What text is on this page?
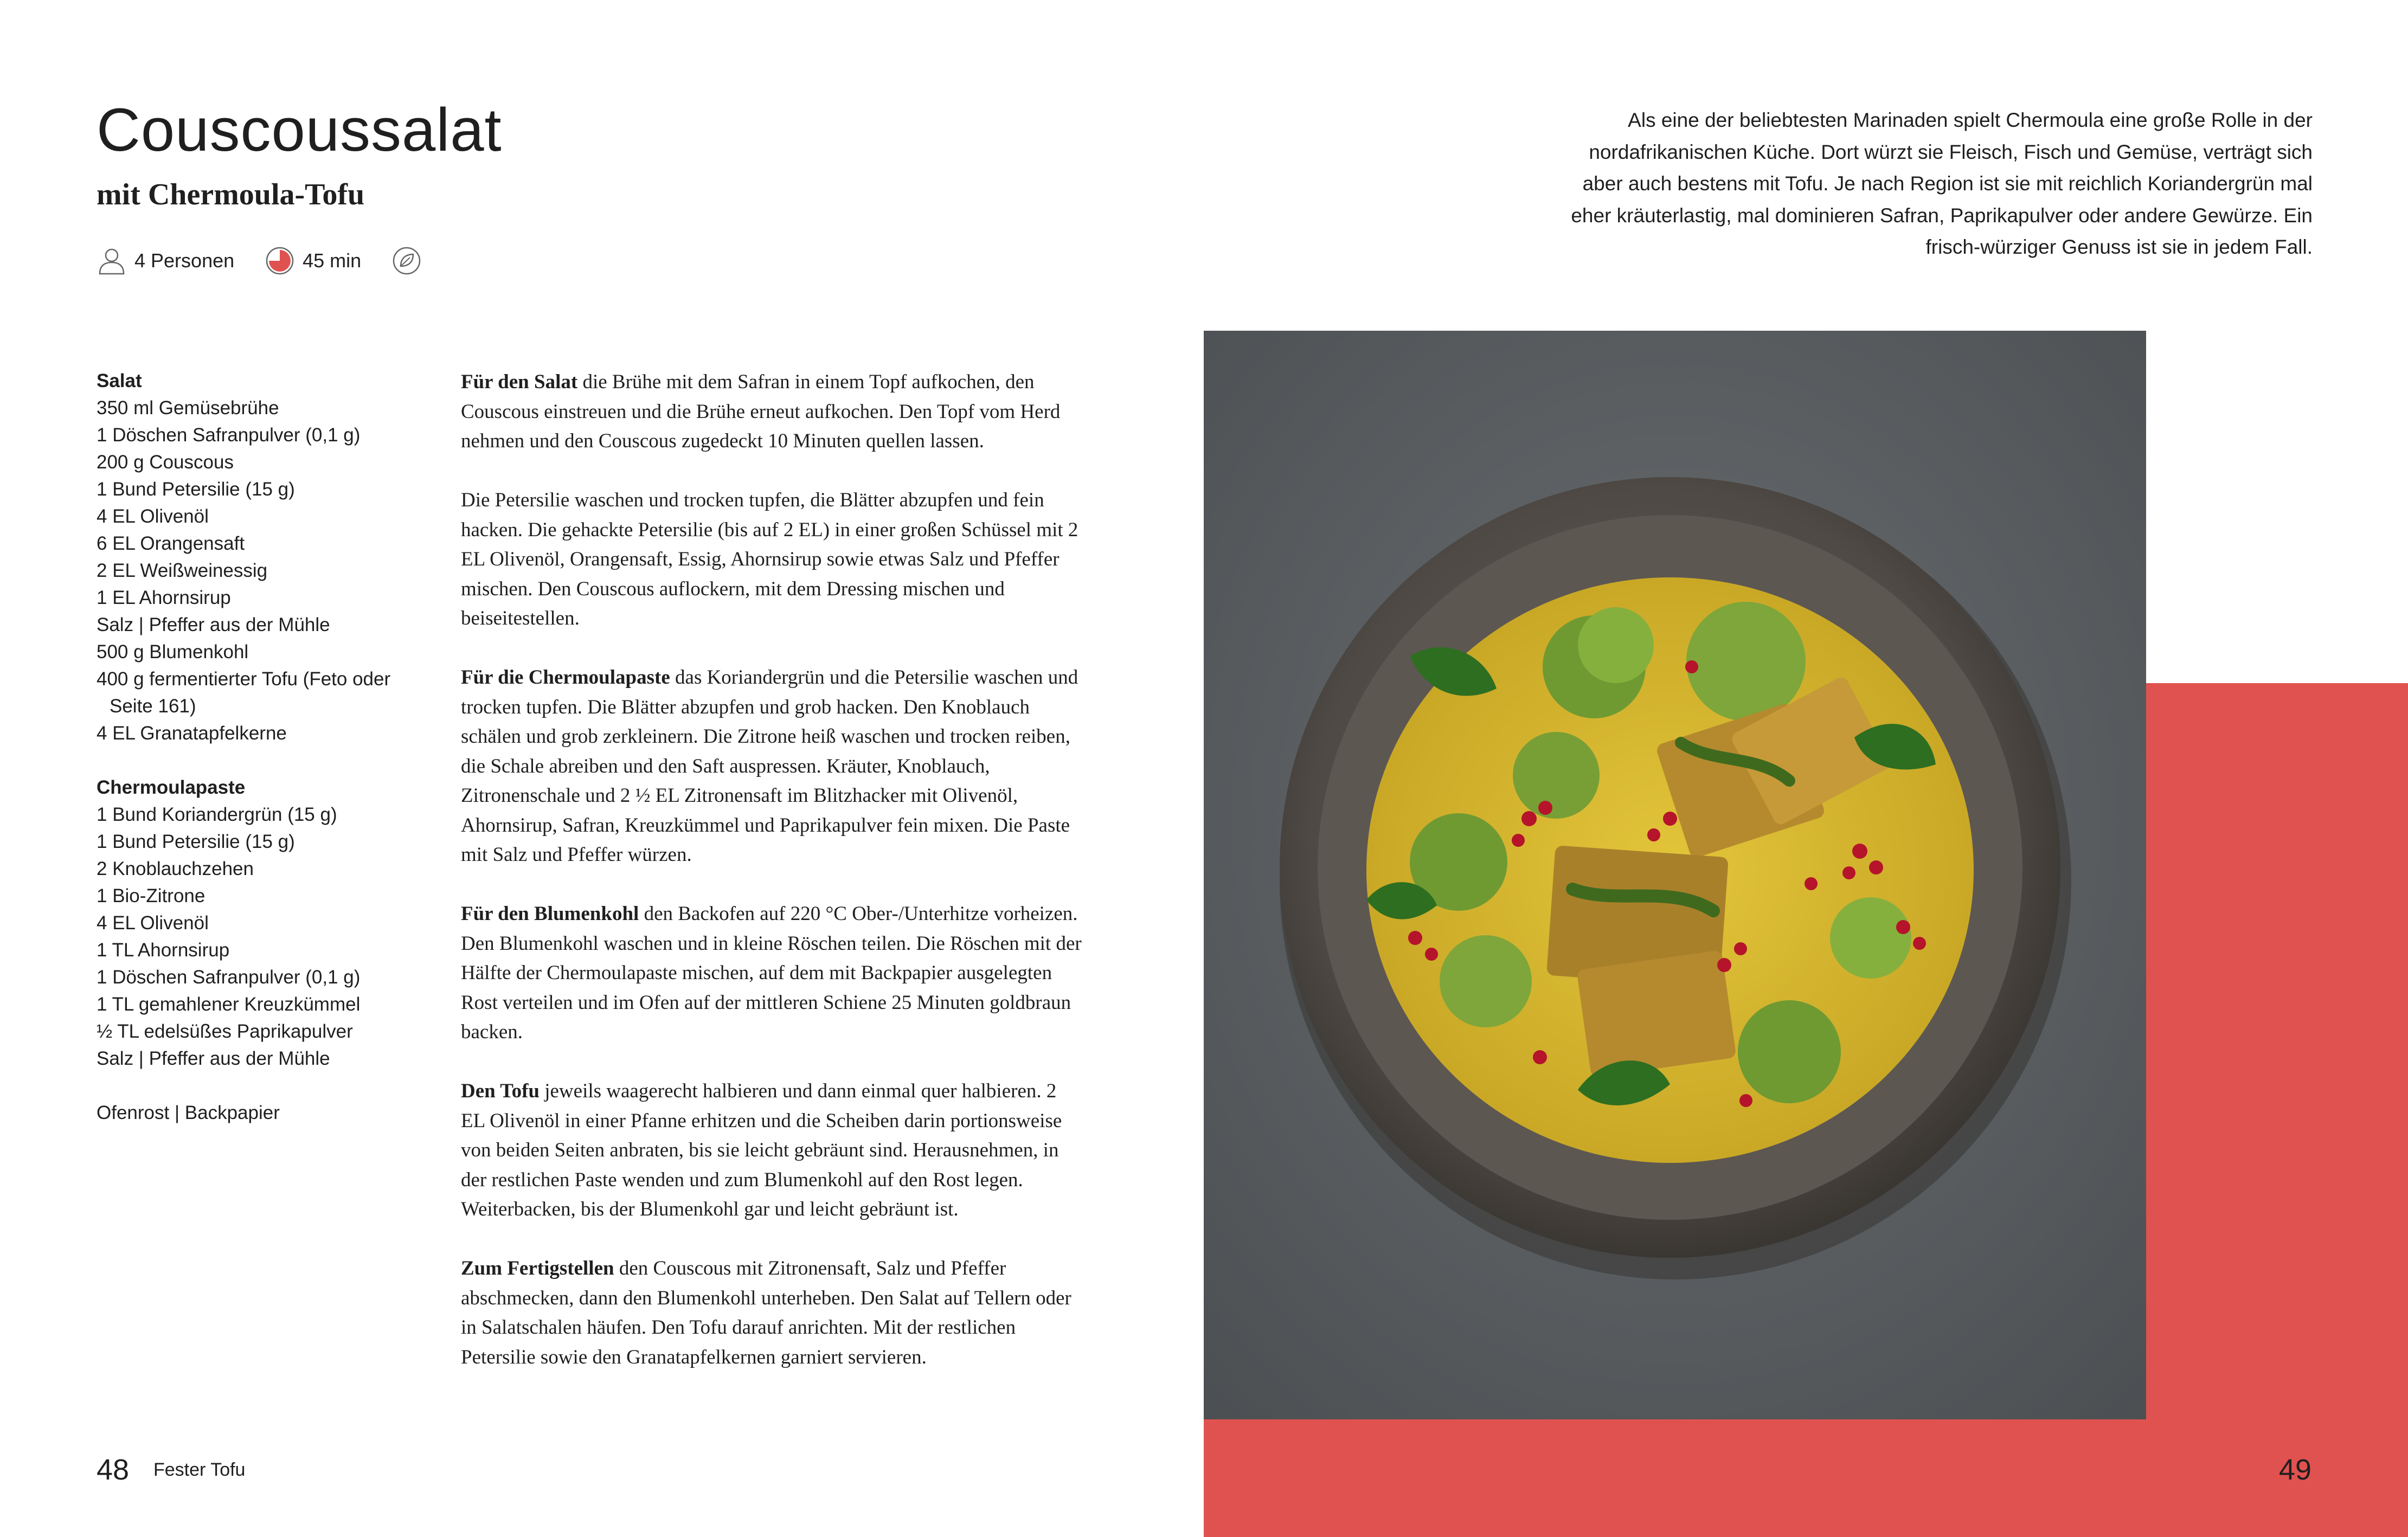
Couscoussalat
mit Chermoula-Tofu
4 Personen	45 min

Als eine der beliebtesten Marinaden spielt Chermoula eine große Rolle in der nordafrikanischen Küche. Dort würzt sie Fleisch, Fisch und Gemüse, verträgt sich aber auch bestens mit Tofu. Je nach Region ist sie mit reichlich Koriandergrün mal eher kräuterlastig, mal dominieren Safran, Paprikapulver oder andere Gewürze. Ein frisch-würziger Genuss ist sie in jedem Fall.

Salat
350 ml Gemüsebrühe
1 Döschen Safranpulver (0,1 g)
200 g Couscous
1 Bund Petersilie (15 g)
4 EL Olivenöl
6 EL Orangensaft
2 EL Weißweinessig
1 EL Ahornsirup
Salz | Pfeffer aus der Mühle
500 g Blumenkohl
400 g fermentierter Tofu (Feto oder
Seite 161)
4 EL Granatapfelkerne
Chermoulapaste
1 Bund Koriandergrün (15 g)
1 Bund Petersilie (15 g)
2 Knoblauchzehen
1 Bio-Zitrone
4 EL Olivenöl
1 TL Ahornsirup
1 Döschen Safranpulver (0,1 g)
1 TL gemahlener Kreuzkümmel
½ TL edelsüßes Paprikapulver
Salz | Pfeffer aus der Mühle
Ofenrost | Backpapier

Für den Salat die Brühe mit dem Safran in einem Topf aufkochen, den Couscous einstreuen und die Brühe erneut aufkochen. Den Topf vom Herd nehmen und den Couscous zugedeckt 10 Minuten quellen lassen.

Die Petersilie waschen und trocken tupfen, die Blätter abzupfen und fein hacken. Die gehackte Petersilie (bis auf 2 EL) in einer großen Schüssel mit 2 EL Olivenöl, Orangensaft, Essig, Ahornsirup sowie etwas Salz und Pfeffer mischen. Den Couscous auflockern, mit dem Dressing mischen und beiseitestellen.

Für die Chermoulapaste das Koriandergrün und die Petersilie waschen und trocken tupfen. Die Blätter abzupfen und grob hacken. Den Knoblauch schälen und grob zerkleinern. Die Zitrone heiß waschen und trocken reiben, die Schale abreiben und den Saft auspressen. Kräuter, Knoblauch, Zitronenschale und 2 ½ EL Zitronensaft im Blitzhacker mit Olivenöl, Ahornsirup, Safran, Kreuzkümmel und Paprikapulver fein mixen. Die Paste mit Salz und Pfeffer würzen.

Für den Blumenkohl den Backofen auf 220 °C Ober-/Unterhitze vorheizen. Den Blumenkohl waschen und in kleine Röschen teilen. Die Röschen mit der Hälfte der Chermoulapaste mischen, auf dem mit Backpapier ausgelegten Rost verteilen und im Ofen auf der mittleren Schiene 25 Minuten goldbraun backen.

Den Tofu jeweils waagerecht halbieren und dann einmal quer halbieren. 2 EL Olivenöl in einer Pfanne erhitzen und die Scheiben darin portionsweise von beiden Seiten anbraten, bis sie leicht gebräunt sind. Herausnehmen, in der restlichen Paste wenden und zum Blumenkohl auf den Rost legen. Weiterbacken, bis der Blumenkohl gar und leicht gebräunt ist.

Zum Fertigstellen den Couscous mit Zitronensaft, Salz und Pfeffer abschmecken, dann den Blumenkohl unterheben. Den Salat auf Tellern oder in Salatschalen häufen. Den Tofu darauf anrichten. Mit der restlichen Petersilie sowie den Granatapfelkernen garniert servieren.

48 Fester Tofu	49
